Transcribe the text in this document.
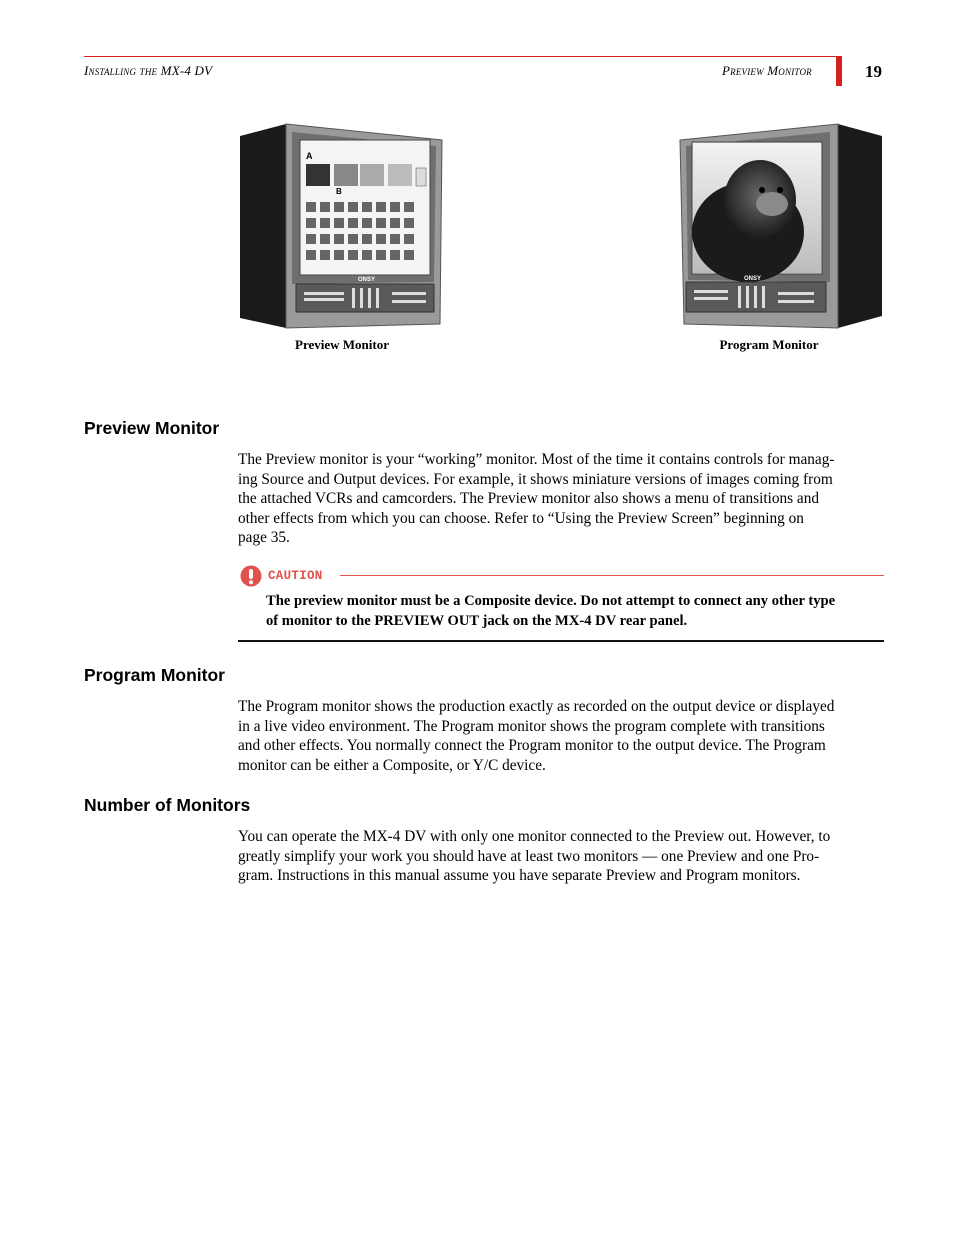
Installing the MX-4 DV	Preview Monitor	19
A
B
ONSY
Preview Monitor
ONSY
Program Monitor
Preview Monitor
The Preview monitor is your “working” monitor. Most of the time it contains controls for manag-
ing Source and Output devices. For example, it shows miniature versions of images coming from
the attached VCRs and camcorders. The Preview monitor also shows a menu of transitions and
other effects from which you can choose. Refer to “Using the Preview Screen” beginning on
page 35.
CAUTION
The preview monitor must be a Composite device. Do not attempt to connect any other type
of monitor to the PREVIEW OUT jack on the MX-4 DV rear panel.
Program Monitor
The Program monitor shows the production exactly as recorded on the output device or displayed
in a live video environment. The Program monitor shows the program complete with transitions
and other effects. You normally connect the Program monitor to the output device. The Program
monitor can be either a Composite, or Y/C device.
Number of Monitors
You can operate the MX-4 DV with only one monitor connected to the Preview out. However, to
greatly simplify your work you should have at least two monitors — one Preview and one Pro-
gram. Instructions in this manual assume you have separate Preview and Program monitors.
